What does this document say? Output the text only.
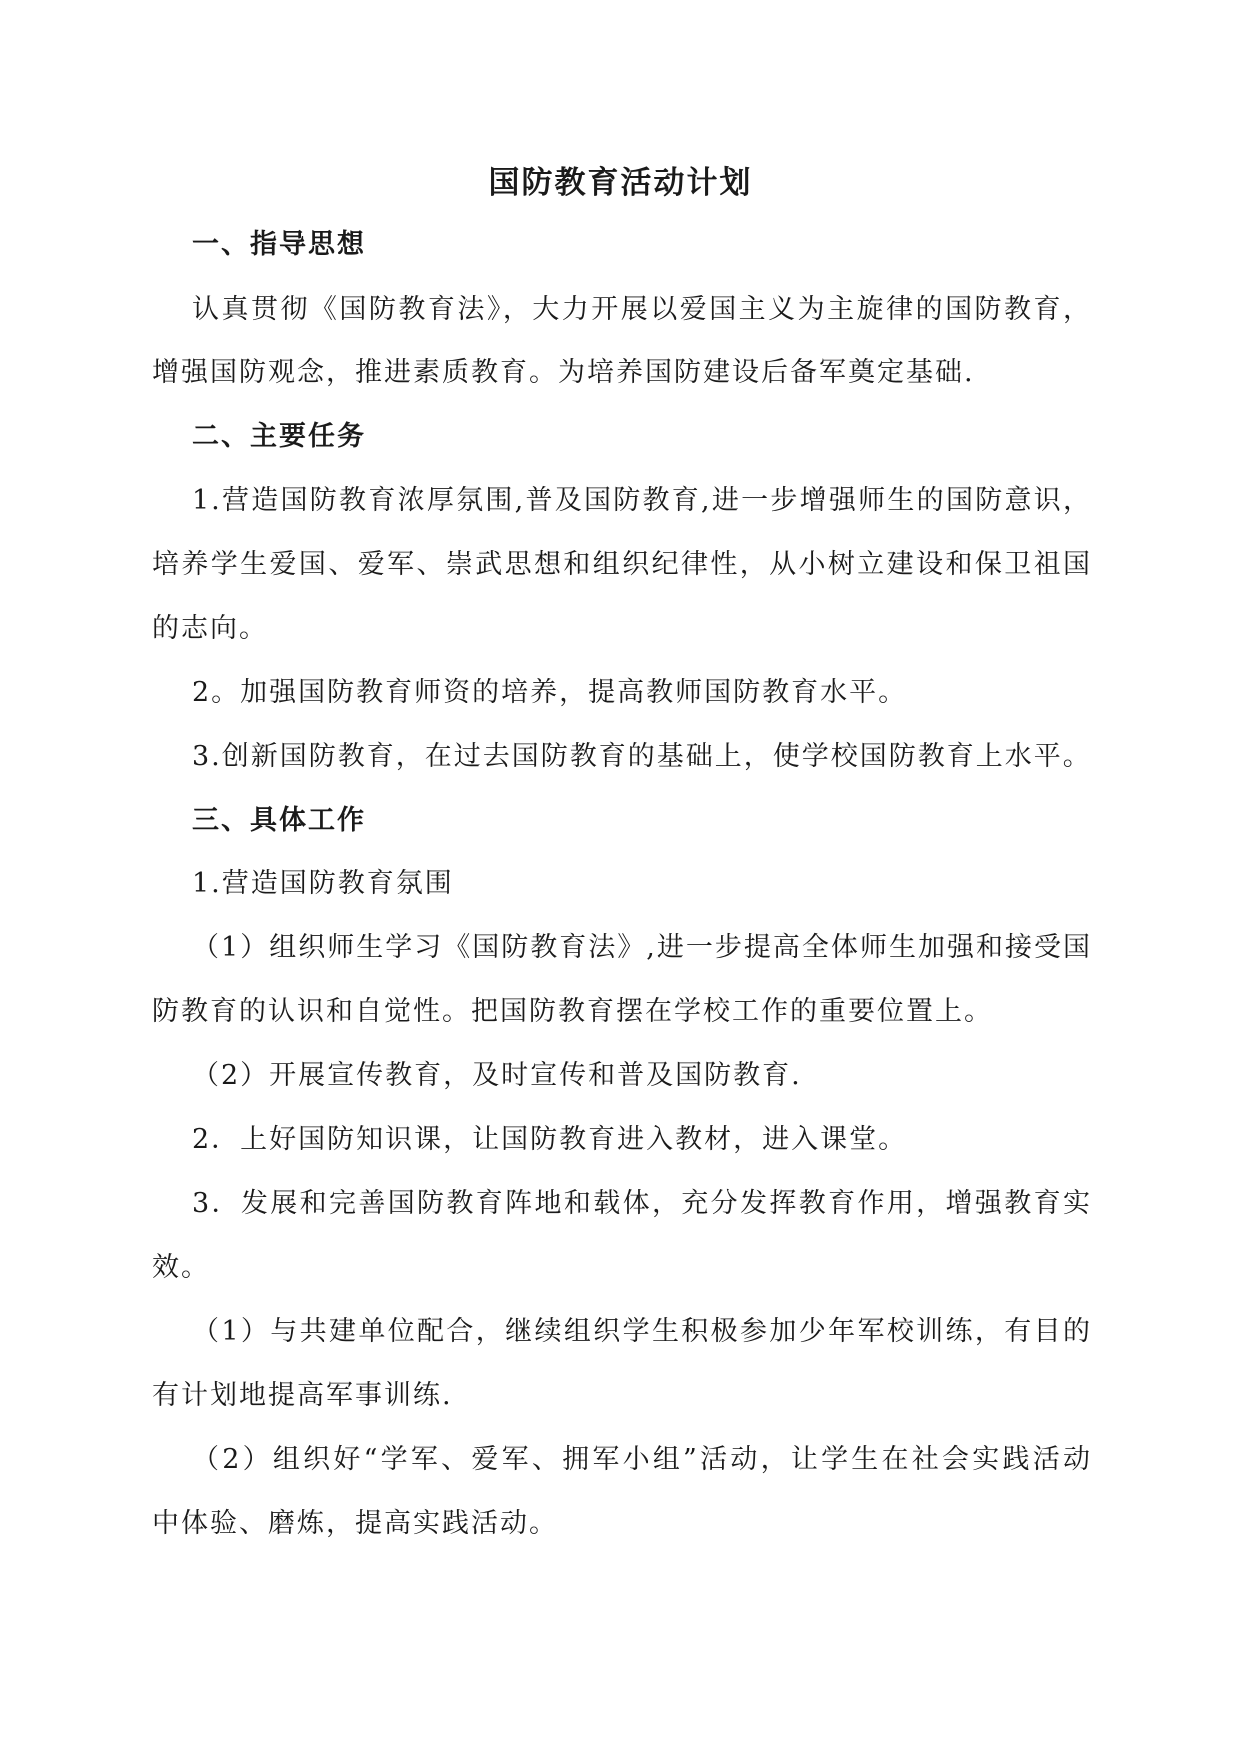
国防教育活动计划
一、指导思想
认真贯彻《国防教育法》，大力开展以爱国主义为主旋律的国防教育，
增强国防观念，推进素质教育。为培养国防建设后备军奠定基础.
二、主要任务
1.营造国防教育浓厚氛围,普及国防教育,进一步增强师生的国防意识，
培养学生爱国、爱军、崇武思想和组织纪律性，从小树立建设和保卫祖国
的志向。
2。加强国防教育师资的培养，提高教师国防教育水平。
3.创新国防教育，在过去国防教育的基础上，使学校国防教育上水平。
三、具体工作
1.营造国防教育氛围
（1）组织师生学习《国防教育法》,进一步提高全体师生加强和接受国
防教育的认识和自觉性。把国防教育摆在学校工作的重要位置上。
（2）开展宣传教育，及时宣传和普及国防教育.
2．上好国防知识课，让国防教育进入教材，进入课堂。
3．发展和完善国防教育阵地和载体，充分发挥教育作用，增强教育实
效。
（1）与共建单位配合，继续组织学生积极参加少年军校训练，有目的
有计划地提高军事训练.
（2）组织好“学军、爱军、拥军小组”活动，让学生在社会实践活动
中体验、磨炼，提高实践活动。
